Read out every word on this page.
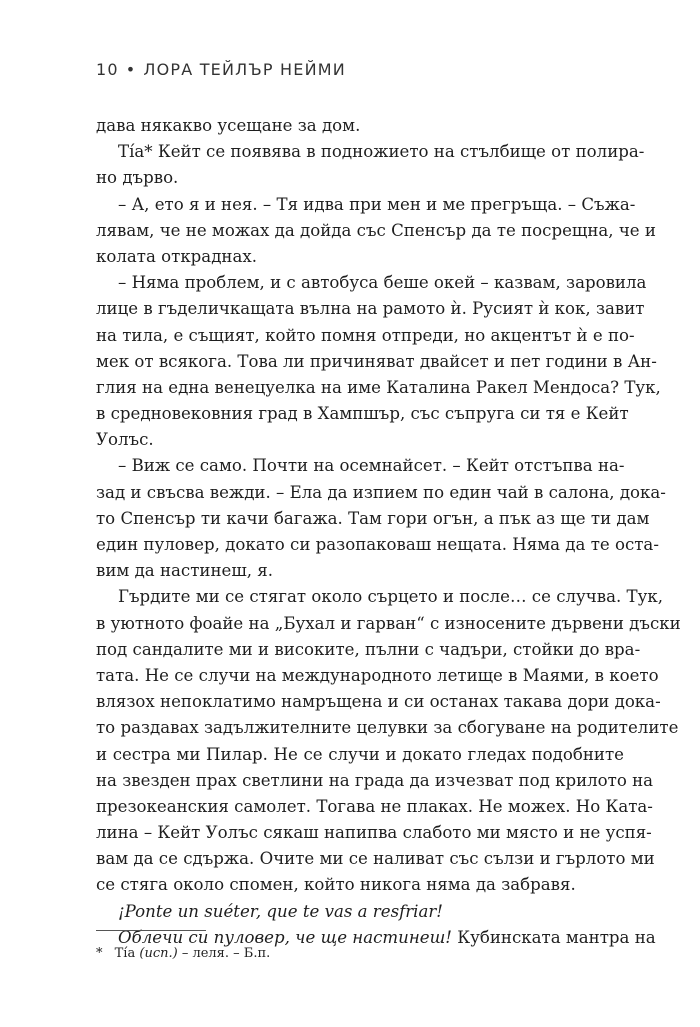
10 • ЛОРА ТЕЙЛЪР НЕЙМИ
дава някакво усещане за дом.
Тíа* Кейт се появява в подножието на стълбище от полира-
но дърво.
– А, ето я и нея. – Тя идва при мен и ме прегръща. – Съжа-
лявам, че не можах да дойда със Спенсър да те посрещна, че и
колата откраднах.
– Няма проблем, и с автобуса беше окей – казвам, заровила
лице в гъделичкащата вълна на рамото ѝ. Русият ѝ кок, завит
на тила, е същият, който помня отпреди, но акцентът ѝ е по-
мек от всякога. Това ли причиняват двайсет и пет години в Ан-
глия на една венецуелка на име Каталина Ракел Мендоса? Тук,
в средновековния град в Хампшър, със съпруга си тя е Кейт
Уолъс.
– Виж се само. Почти на осемнайсет. – Кейт отстъпва на-
зад и свъсва вежди. – Ела да изпием по един чай в салона, дока-
то Спенсър ти качи багажа. Там гори огън, а пък аз ще ти дам
един пуловер, докато си разопаковаш нещата. Няма да те оста-
вим да настинеш, я.
Гърдите ми се стягат около сърцето и после… се случва. Тук,
в уютното фоайе на „Бухал и гарван“ с износените дървени дъски
под сандалите ми и високите, пълни с чадъри, стойки до вра-
тата. Не се случи на международното летище в Маями, в което
влязох непоклатимо намръщена и си останах такава дори дока-
то раздавах задължителните целувки за сбогуване на родителите
и сестра ми Пилар. Не се случи и докато гледах подобните
на звезден прах светлини на града да изчезват под крилото на
презокеанския самолет. Тогава не плаках. Не можех. Но Ката-
лина – Кейт Уолъс сякаш напипва слабото ми място и не успя-
вам да се сдържа. Очите ми се наливат със сълзи и гърлото ми
се стяга около спомен, който никога няма да забравя.
¡Ponte un suéter, que te vas a resfriar!
Облечи си пуловер, че ще настинеш! Кубинската мантра на
* Тíа (исп.) – леля. – Б.п.
